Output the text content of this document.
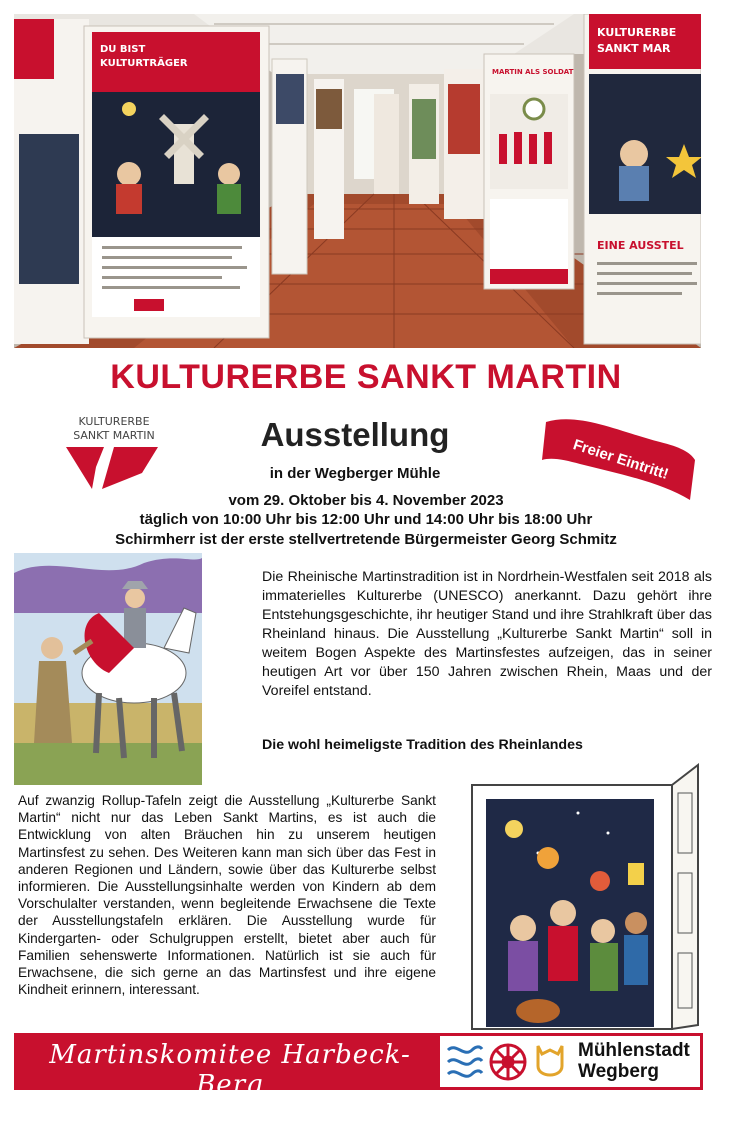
DU BIST
KULTURTRÄGER
MARTIN ALS SOLDAT
KULTURERBE
SANKT MAR
EINE AUSSTEL
KULTURERBE SANKT MARTIN
KULTURERBE
SANKT MARTIN	Ausstellung
in der Wegberger Mühle	Freier Eintritt!
vom 29. Oktober bis 4. November 2023
täglich von 10:00 Uhr bis 12:00 Uhr und 14:00 Uhr bis 18:00 Uhr
Schirmherr ist der erste stellvertretende Bürgermeister Georg Schmitz
Die Rheinische Martinstradition ist in Nordrhein-Westfalen seit 2018 als immaterielles Kulturerbe (UNESCO) anerkannt. Dazu gehört ihre Entstehungsgeschichte, ihr heutiger Stand und ihre Strahlkraft über das Rheinland hinaus. Die Ausstellung „Kulturerbe Sankt Martin“ soll in weitem Bogen Aspekte des Martinsfestes aufzeigen, das in seiner heutigen Art vor über 150 Jahren zwischen Rhein, Maas und der Voreifel entstand.
Die wohl heimeligste Tradition des Rheinlandes
Auf zwanzig Rollup-Tafeln zeigt die Ausstellung „Kulturerbe Sankt Martin“ nicht nur das Leben Sankt Martins, es ist auch die Entwicklung von alten Bräuchen hin zu unserem heutigen Martinsfest zu sehen. Des Weiteren kann man sich über das Fest in anderen Regionen und Ländern, sowie über das Kulturerbe selbst informieren. Die Ausstellungsinhalte werden von Kindern ab dem Vorschulalter verstanden, wenn begleitende Erwachsene die Texte der Ausstellungstafeln erklären. Die Ausstellung wurde für Kindergarten- oder Schulgruppen erstellt, bietet aber auch für Familien sehenswerte Informationen. Natürlich ist sie auch für Erwachsene, die sich gerne an das Martinsfest und ihre eigene Kindheit erinnern, interessant.
Martinskomitee Harbeck-Berg
Mühlenstadt
Wegberg
